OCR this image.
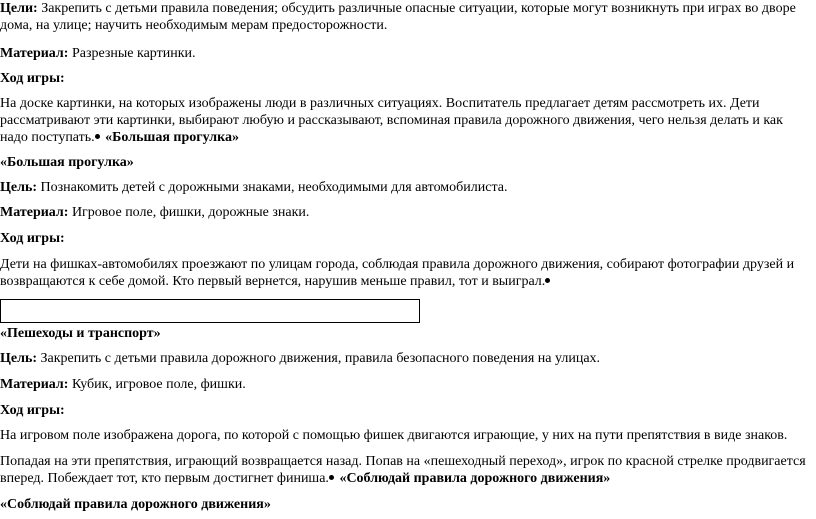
Цели: Закрепить с детьми правила поведения; обсудить различные опасные ситуации, которые могут возникнуть при играх во дворе дома, на улице; научить необходимым мерам предосторожности.

Материал: Разрезные картинки.

Ход игры:

На доске картинки, на которых изображены люди в различных ситуациях. Воспитатель предлагает детям рассмотреть их. Дети рассматривают эти картинки, выбирают любую и рассказывают, вспоминая правила дорожного движения, чего нельзя делать и как надо поступать. «Большая прогулка»

«Большая прогулка»

Цель: Познакомить детей с дорожными знаками, необходимыми для автомобилиста.

Материал: Игровое поле, фишки, дорожные знаки.

Ход игры:

Дети на фишках-автомобилях проезжают по улицам города, соблюдая правила дорожного движения, собирают фотографии друзей и возвращаются к себе домой. Кто первый вернется, нарушив меньше правил, тот и выиграл.

«Пешеходы и транспорт»

Цель: Закрепить с детьми правила дорожного движения, правила безопасного поведения на улицах.

Материал: Кубик, игровое поле, фишки.

Ход игры:

На игровом поле изображена дорога, по которой с помощью фишек двигаются играющие, у них на пути препятствия в виде знаков.

Попадая на эти препятствия, играющий возвращается назад. Попав на «пешеходный переход», игрок по красной стрелке продвигается вперед. Побеждает тот, кто первым достигнет финиша. «Соблюдай правила дорожного движения»

«Соблюдай правила дорожного движения»
